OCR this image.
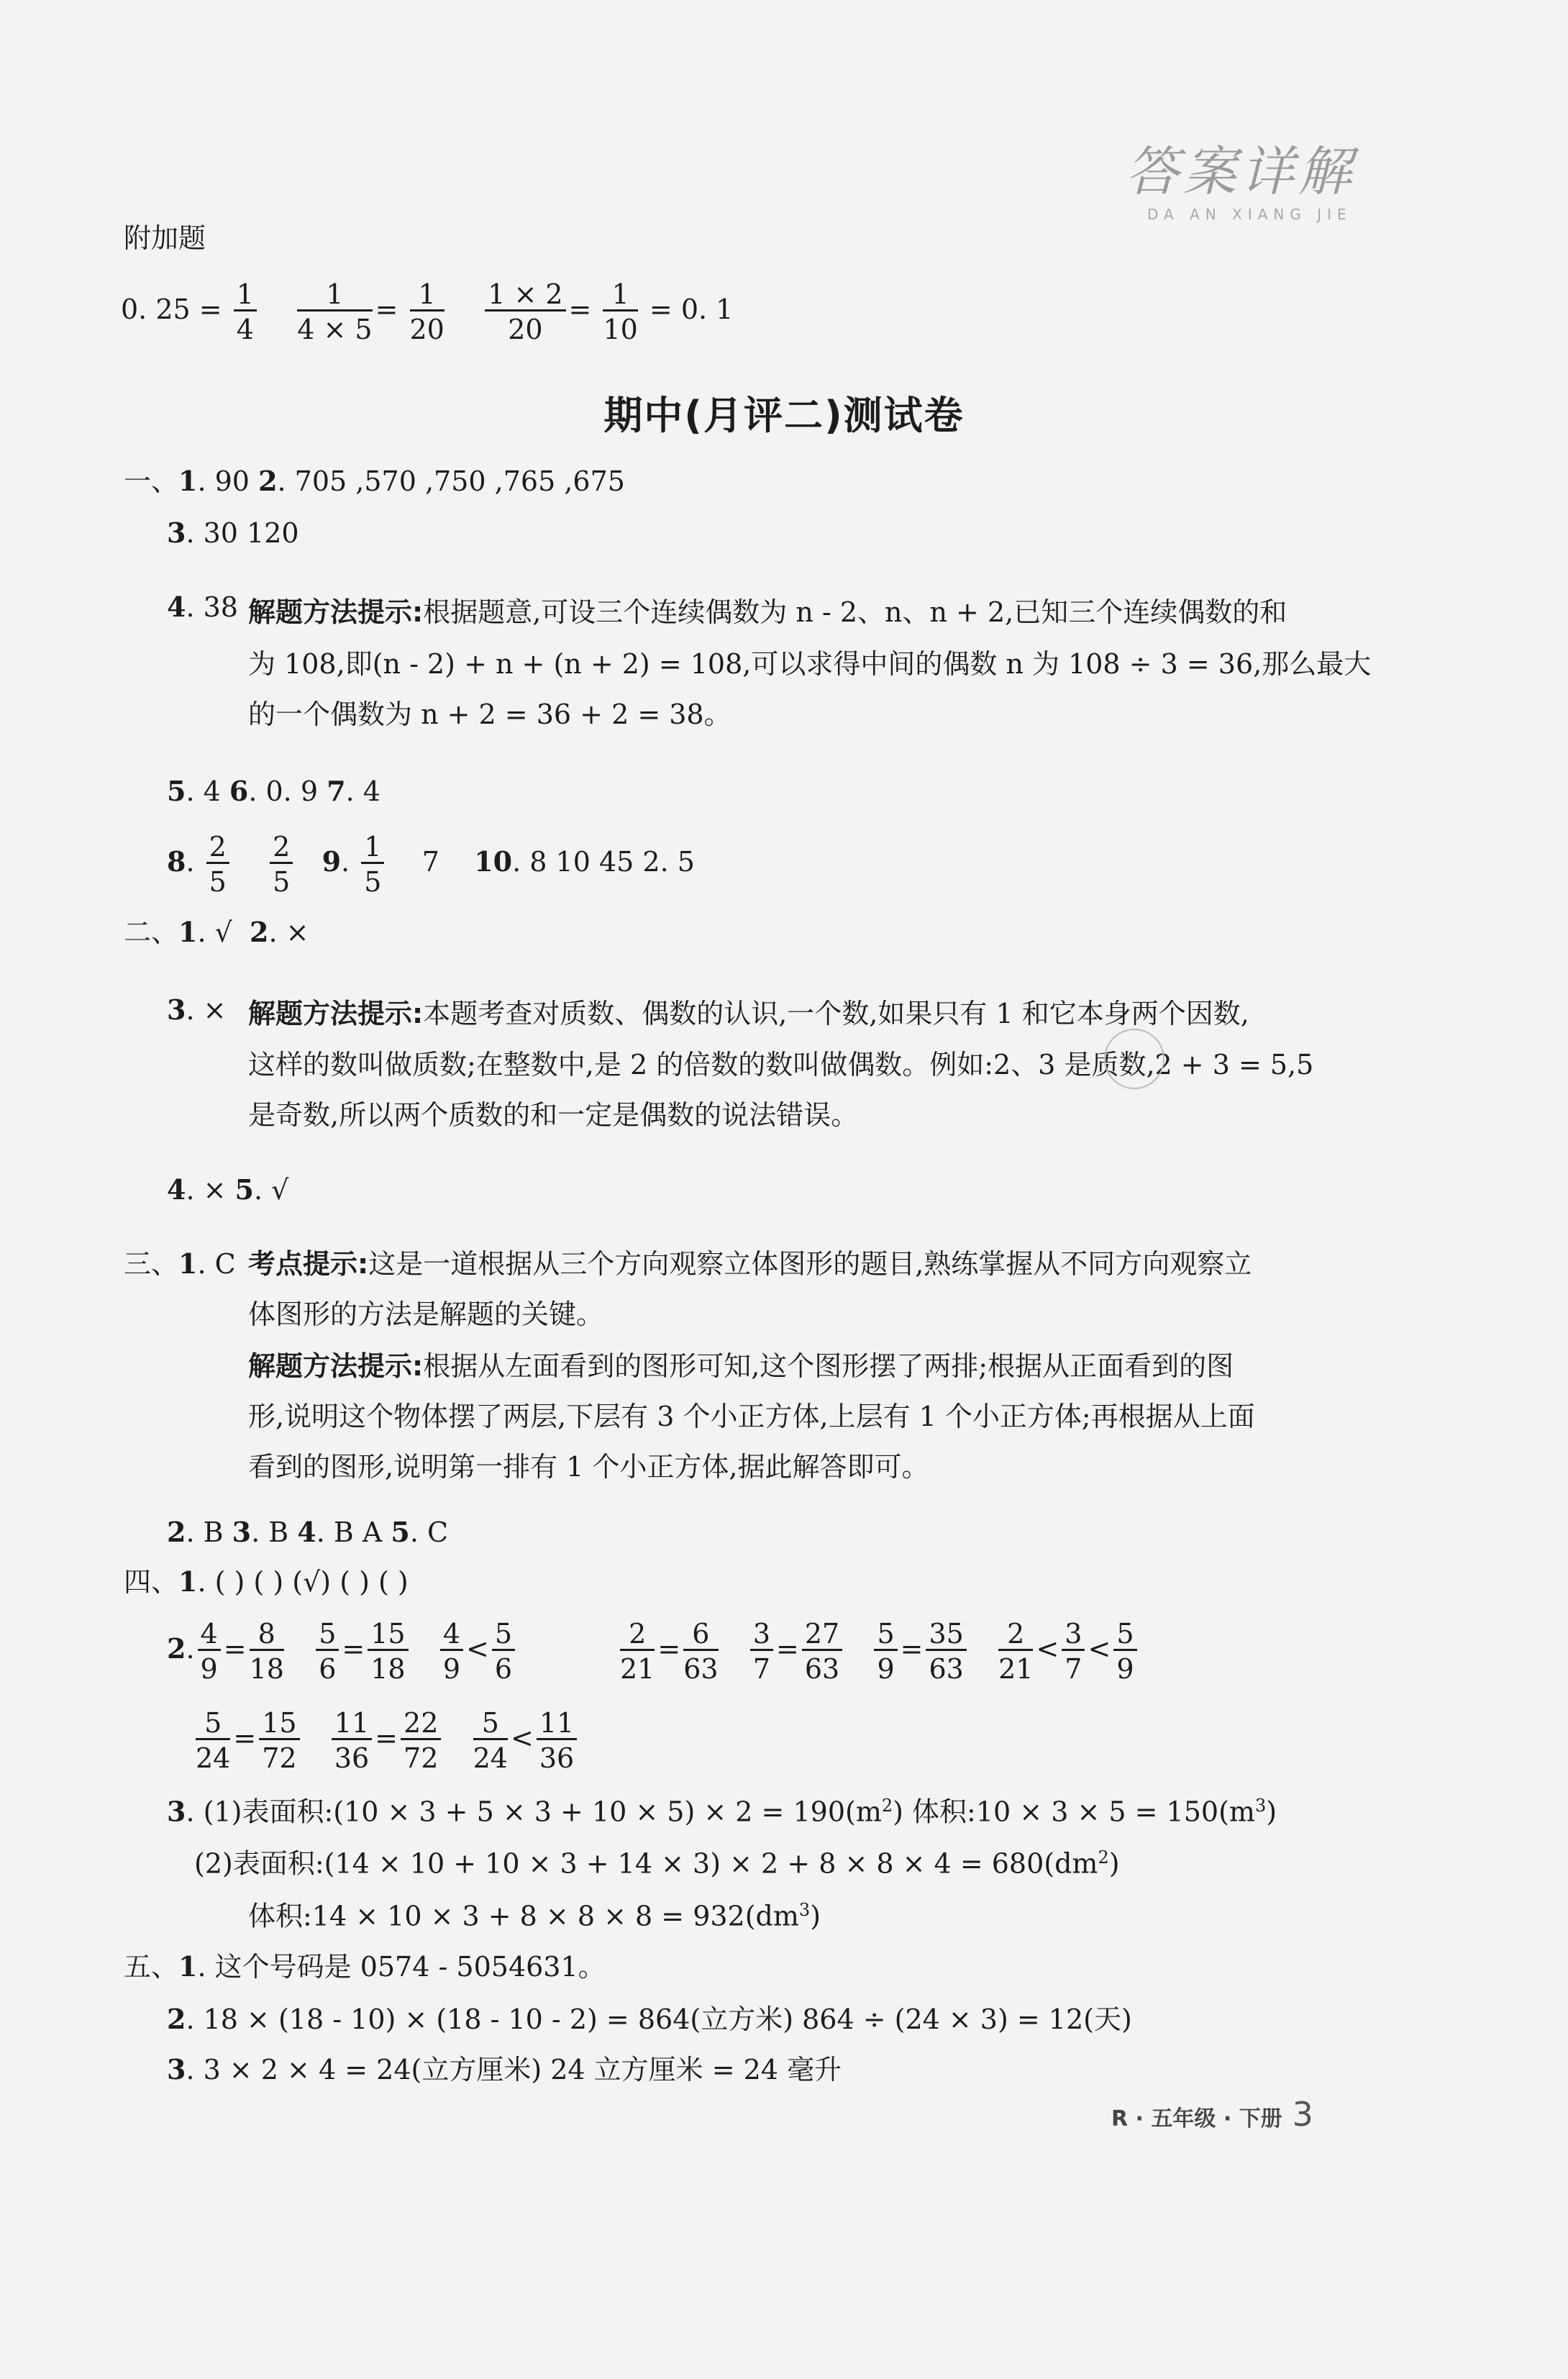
答案详解
DA AN XIANG JIE
附加题
0. $25 = \frac{1}{4}$
$\frac{1}{4 \times 5} = \frac{1}{20}$
$\frac{1 \times 2}{20} = \frac{1}{10} = 0$. 1
期中(月评二)测试卷
一、1. 90 2. 705 ,570 ,750 ,765 ,675
3. 30 120
4. 38 解题方法提示:根据题意,可设三个连续偶数为 n - 2、n、n + 2,已知三个连续偶数的和
为 108,即(n - 2) + n + (n + 2) = 108,可以求得中间的偶数 n 为 108 ÷ 3 = 36,那么最大
的一个偶数为 n + 2 = 36 + 2 = 38。
5. 4 6. 0. 9 7. 4
8. $\frac{2}{5}$
$\frac{2}{5} 9$. $\frac{1}{5} 7$ 10. 8 10 45 2. 5
二、1. √  2. ×
3. × 解题方法提示:本题考查对质数、偶数的认识,一个数,如果只有 1 和它本身两个因数,
这样的数叫做质数;在整数中,是 2 的倍数的数叫做偶数。例如:2、3 是质数,2 + 3 = 5,5
是奇数,所以两个质数的和一定是偶数的说法错误。
4. × 5. √
三、1. C 考点提示:这是一道根据从三个方向观察立体图形的题目,熟练掌握从不同方向观察立
体图形的方法是解题的关键。
解题方法提示:根据从左面看到的图形可知,这个图形摆了两排;根据从正面看到的图
形,说明这个物体摆了两层,下层有 3 个小正方体,上层有 1 个小正方体;再根据从上面
看到的图形,说明第一排有 1 个小正方体,据此解答即可。
2. B 3. B 4. B A 5. C
四、1. ( ) ( ) (√) ( ) ( )
2. $\frac{4}{9} = \frac{8}{18}$
$\frac{5}{6} = \frac{15}{18}$
$\frac{4}{9} < \frac{5}{6}$	$\frac{2}{21} = \frac{6}{63}$
$\frac{3}{7} = \frac{27}{63}$
$\frac{5}{9} = \frac{35}{63}$
$\frac{2}{21} < \frac{3}{7} < \frac{5}{9}$
$\frac{5}{24} = \frac{15}{72}$
$\frac{11}{36} = \frac{22}{72}$
$\frac{5}{24} < \frac{11}{36}$
3. (1)表面积:(10 × $3 + 5 \times 3 + 10 \times 5) \times 2 = 190(m^2)$ 体积:10 × $3 \times 5 = 150(m^3)$
(2)表面积:(14 × $10 + 10 \times 3 + 14 \times 3) \times 2 + 8 \times 8 \times 4 = 680(dm^2)$
体积:14 × $10 \times 3 + 8 \times 8 \times 8 = 932(dm^3)$
五、1. 这个号码是 0574 - 5054631。
2. 18 × (18 - 10) × (18 - 10 - 2) = 864(立方米) 864 ÷ (24 × 3) = 12(天)
3. 3 × 2 × 4 = 24(立方厘米) 24 立方厘米 = 24 毫升
R · 五年级 · 下册 3
